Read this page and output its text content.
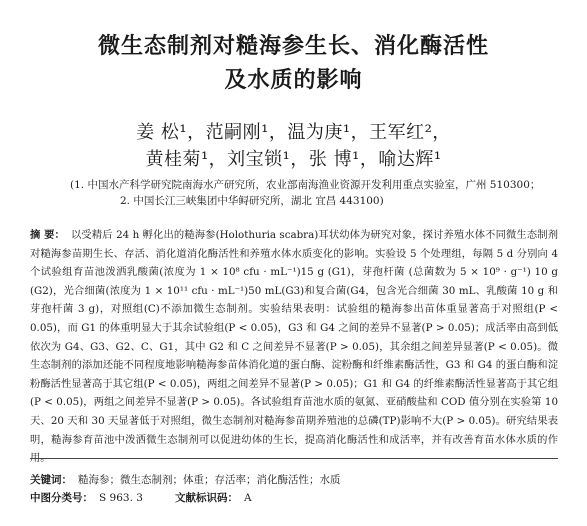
微生态制剂对糙海参生长、消化酶活性
及水质的影响
姜 松¹，范嗣刚¹，温为庚¹，王军红²，
黄桂菊¹，刘宝锁¹，张 博¹，喻达辉¹
(1. 中国水产科学研究院南海水产研究所，农业部南海渔业资源开发利用重点实验室，广州 510300；
2. 中国长江三峡集团中华鲟研究所，湖北 宜昌 443100)
摘 要： 以受精后 24 h 孵化出的糙海参(Holothuria scabra)耳状幼体为研究对象，探讨养殖水体不同微生态制剂对糙海参苗期生长、存活、消化道消化酶活性和养殖水体水质变化的影响。实验设 5 个处理组，每隔 5 d 分别向 4 个试验组育苗池泼洒乳酸菌(浓度为 1 × 10⁸ cfu · mL⁻¹)15 g (G1)，芽孢杆菌 (总菌数为 5 × 10⁹ · g⁻¹) 10 g (G2)，光合细菌(浓度为 1 × 10¹¹ cfu · mL⁻¹)50 mL(G3)和复合菌(G4，包含光合细菌 30 mL、乳酸菌 10 g 和芽孢杆菌 3 g)，对照组(C)不添加微生态制剂。实验结果表明：试验组的糙海参出苗体重显著高于对照组(P < 0.05)，而 G1 的体重明显大于其余试验组(P < 0.05)，G3 和 G4 之间的差异不显著(P > 0.05)；成活率由高到低依次为 G4、G3、G2、C、G1，其中 G2 和 C 之间差异不显著(P > 0.05)，其余组之间差异显著(P < 0.05)。微生态制剂的添加还能不同程度地影响糙海参苗体消化道的蛋白酶、淀粉酶和纤维素酶活性，G3 和 G4 的蛋白酶和淀粉酶活性显著高于其它组(P < 0.05)，两组之间差异不显著(P > 0.05)；G1 和 G4 的纤维素酶活性显著高于其它组(P < 0.05)，两组之间差异不显著(P > 0.05)。各试验组育苗池水质的氨氮、亚硝酸盐和 COD 值分别在实验第 10 天、20 天和 30 天显著低于对照组，微生态制剂对糙海参苗期养殖池的总磷(TP)影响不大(P > 0.05)。研究结果表明，糙海参育苗池中泼洒微生态制剂可以促进幼体的生长，提高消化酶活性和成活率，并有改善育苗水体水质的作用。
关键词： 糙海参；微生态制剂；体重；存活率；消化酶活性；水质
中图分类号： S 963. 3	文献标识码： A
